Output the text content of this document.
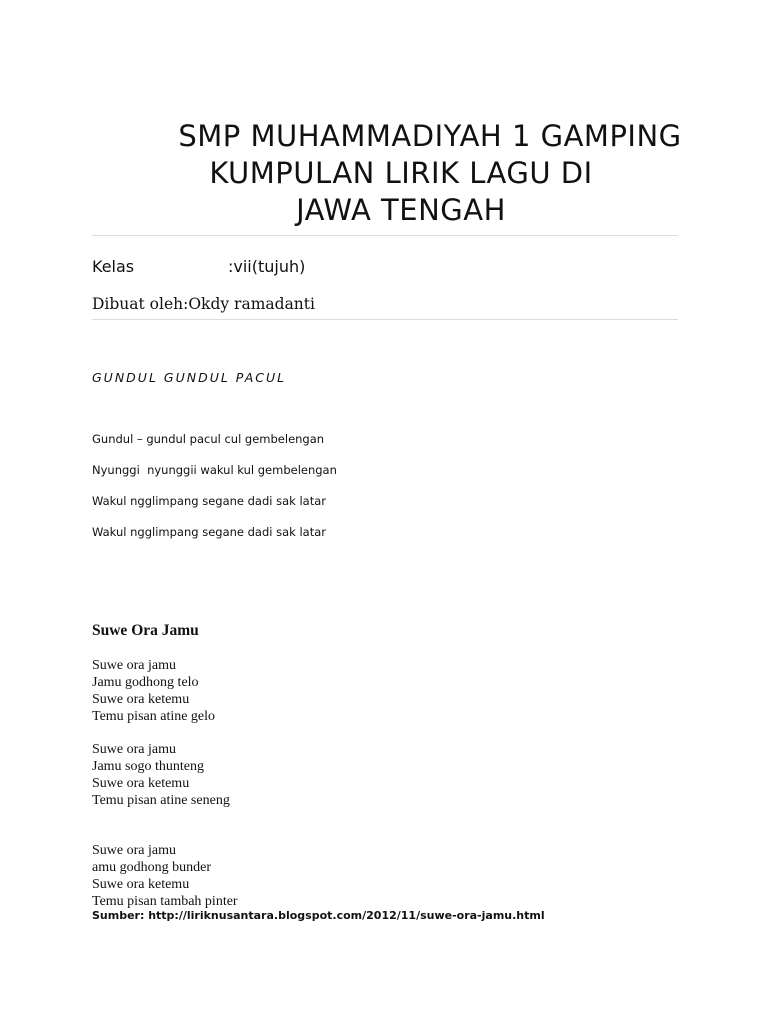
SMP MUHAMMADIYAH 1 GAMPING
KUMPULAN LIRIK LAGU DI
JAWA TENGAH
Kelas	:vii(tujuh)
Dibuat oleh:Okdy ramadanti
GUNDUL GUNDUL PACUL
Gundul – gundul pacul cul gembelengan
Nyunggi  nyunggii wakul kul gembelengan
Wakul ngglimpang segane dadi sak latar
Wakul ngglimpang segane dadi sak latar
Suwe Ora Jamu
Suwe ora jamu
Jamu godhong telo
Suwe ora ketemu
Temu pisan atine gelo
Suwe ora jamu
Jamu sogo thunteng
Suwe ora ketemu
Temu pisan atine seneng
Suwe ora jamu
amu godhong bunder
Suwe ora ketemu
Temu pisan tambah pinter
Sumber: http://liriknusantara.blogspot.com/2012/11/suwe-ora-jamu.html
